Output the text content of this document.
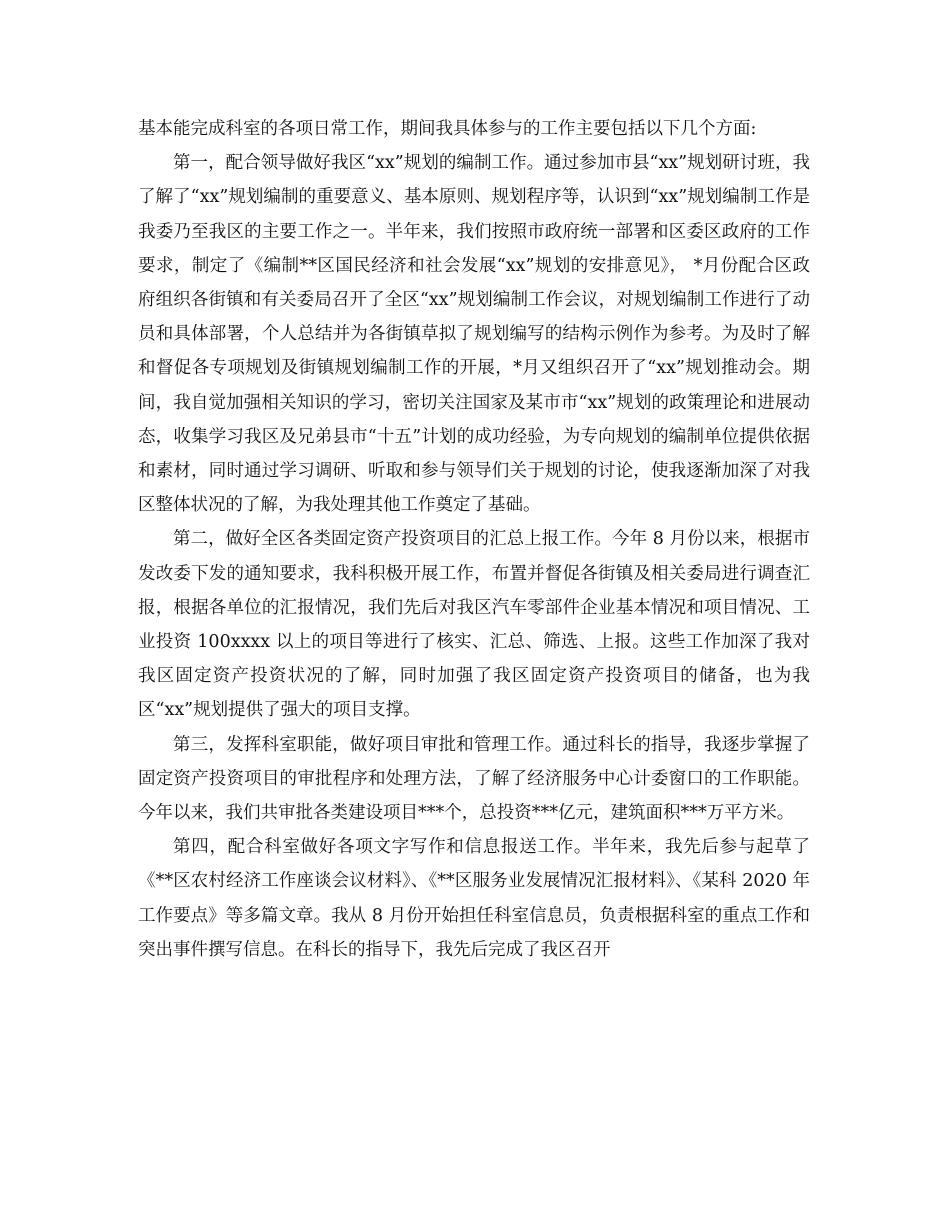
基本能完成科室的各项日常工作，期间我具体参与的工作主要包括以下几个方面:

第一，配合领导做好我区“xx”规划的编制工作。通过参加市县“xx”规划研讨班，我了解了“xx”规划编制的重要意义、基本原则、规划程序等，认识到“xx”规划编制工作是我委乃至我区的主要工作之一。半年来，我们按照市政府统一部署和区委区政府的工作要求，制定了《编制**区国民经济和社会发展“xx”规划的安排意见》， *月份配合区政府组织各街镇和有关委局召开了全区“xx”规划编制工作会议，对规划编制工作进行了动员和具体部署，个人总结并为各街镇草拟了规划编写的结构示例作为参考。为及时了解和督促各专项规划及街镇规划编制工作的开展，*月又组织召开了“xx”规划推动会。期间，我自觉加强相关知识的学习，密切关注国家及某市市“xx”规划的政策理论和进展动态，收集学习我区及兄弟县市“十五”计划的成功经验，为专向规划的编制单位提供依据和素材，同时通过学习调研、听取和参与领导们关于规划的讨论，使我逐渐加深了对我区整体状况的了解，为我处理其他工作奠定了基础。

第二，做好全区各类固定资产投资项目的汇总上报工作。今年 8 月份以来，根据市发改委下发的通知要求，我科积极开展工作，布置并督促各街镇及相关委局进行调查汇报，根据各单位的汇报情况，我们先后对我区汽车零部件企业基本情况和项目情况、工业投资 100xxxx 以上的项目等进行了核实、汇总、筛选、上报。这些工作加深了我对我区固定资产投资状况的了解，同时加强了我区固定资产投资项目的储备，也为我区“xx”规划提供了强大的项目支撑。

第三，发挥科室职能，做好项目审批和管理工作。通过科长的指导，我逐步掌握了固定资产投资项目的审批程序和处理方法，了解了经济服务中心计委窗口的工作职能。今年以来，我们共审批各类建设项目***个，总投资***亿元，建筑面积***万平方米。

第四，配合科室做好各项文字写作和信息报送工作。半年来，我先后参与起草了《**区农村经济工作座谈会议材料》、《**区服务业发展情况汇报材料》、《某科 2020 年工作要点》等多篇文章。我从 8 月份开始担任科室信息员，负责根据科室的重点工作和突出事件撰写信息。在科长的指导下，我先后完成了我区召开
